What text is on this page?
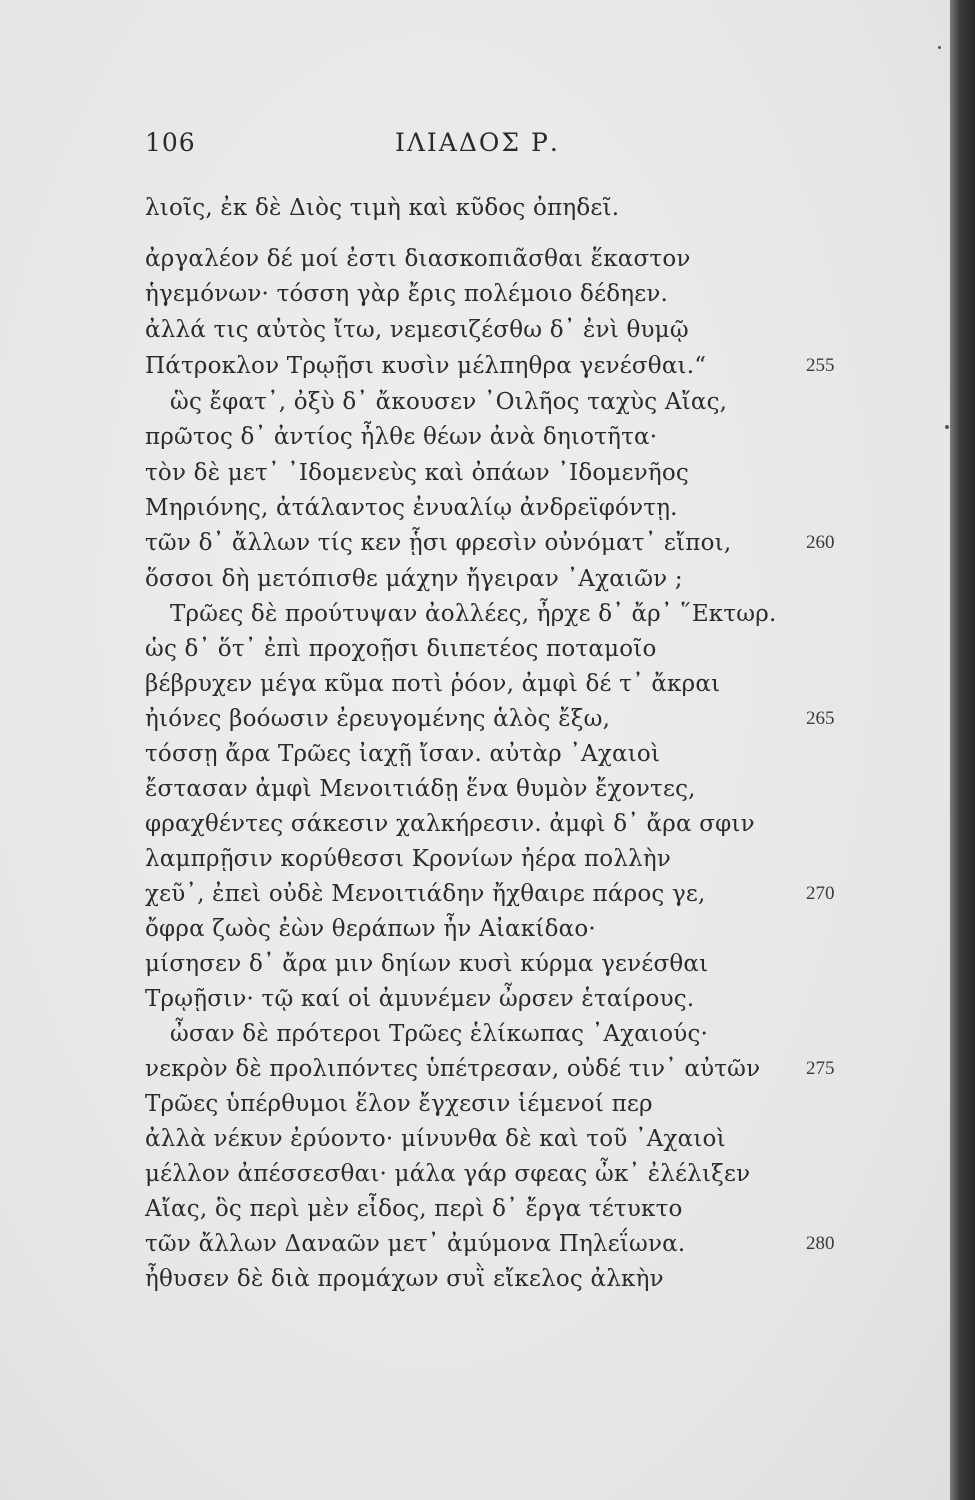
106	ΙΛΙΑΔΟΣ Ρ.
λιοῖς, ἐκ δὲ Διὸς τιμὴ καὶ κῦδος ὀπηδεῖ.
ἀργαλέον δέ μοί ἐστι διασκοπιᾶσθαι ἕκαστον
ἡγεμόνων· τόσση γὰρ ἔρις πολέμοιο δέδηεν.
ἀλλά τις αὐτὸς ἴτω, νεμεσιζέσθω δ᾿ ἐνὶ θυμῷ
Πάτροκλον Τρῳῇσι κυσὶν μέλπηθρα γενέσθαι.“	255
ὣς ἔφατ᾿, ὀξὺ δ᾿ ἄκουσεν ᾿Οιλῆος ταχὺς Αἴας,
πρῶτος δ᾿ ἀντίος ἦλθε θέων ἀνὰ δηιοτῆτα·
τὸν δὲ μετ᾿ ᾿Ιδομενεὺς καὶ ὀπάων ᾿Ιδομενῆος
Μηριόνης, ἀτάλαντος ἐνυαλίῳ ἀνδρεϊφόντῃ.
τῶν δ᾿ ἄλλων τίς κεν ᾗσι φρεσὶν οὐνόματ᾿ εἴποι,	260
ὅσσοι δὴ μετόπισθε μάχην ἤγειραν ᾿Αχαιῶν ;
Τρῶες δὲ προύτυψαν ἀολλέες, ἦρχε δ᾿ ἄρ᾿ ῞Εκτωρ.
ὡς δ᾿ ὅτ᾿ ἐπὶ προχοῇσι διιπετέος ποταμοῖο
βέβρυχεν μέγα κῦμα ποτὶ ῥόον, ἀμφὶ δέ τ᾿ ἄκραι
ἠιόνες βοόωσιν ἐρευγομένης ἁλὸς ἔξω,	265
τόσσῃ ἄρα Τρῶες ἰαχῇ ἴσαν. αὐτὰρ ᾿Αχαιοὶ
ἔστασαν ἀμφὶ Μενοιτιάδῃ ἕνα θυμὸν ἔχοντες,
φραχθέντες σάκεσιν χαλκήρεσιν. ἀμφὶ δ᾿ ἄρα σφιν
λαμπρῇσιν κορύθεσσι Κρονίων ἠέρα πολλὴν
χεῦ᾿, ἐπεὶ οὐδὲ Μενοιτιάδην ἤχθαιρε πάρος γε,	270
ὄφρα ζωὸς ἐὼν θεράπων ἦν Αἰακίδαο·
μίσησεν δ᾿ ἄρα μιν δηίων κυσὶ κύρμα γενέσθαι
Τρῳῇσιν· τῷ καί οἱ ἀμυνέμεν ὦρσεν ἑταίρους.
ὦσαν δὲ πρότεροι Τρῶες ἑλίκωπας ᾿Αχαιούς·
νεκρὸν δὲ προλιπόντες ὑπέτρεσαν, οὐδέ τιν᾿ αὐτῶν 275
Τρῶες ὑπέρθυμοι ἕλον ἔγχεσιν ἱέμενοί περ
ἀλλὰ νέκυν ἐρύοντο· μίνυνθα δὲ καὶ τοῦ ᾿Αχαιοὶ
μέλλον ἀπέσσεσθαι· μάλα γάρ σφεας ὦκ᾿ ἐλέλιξεν
Αἴας, ὃς περὶ μὲν εἶδος, περὶ δ᾿ ἔργα τέτυκτο
τῶν ἄλλων Δαναῶν μετ᾿ ἀμύμονα Πηλεΐωνα.	280
ἦθυσεν δὲ διὰ προμάχων συῒ εἴκελος ἀλκὴν
